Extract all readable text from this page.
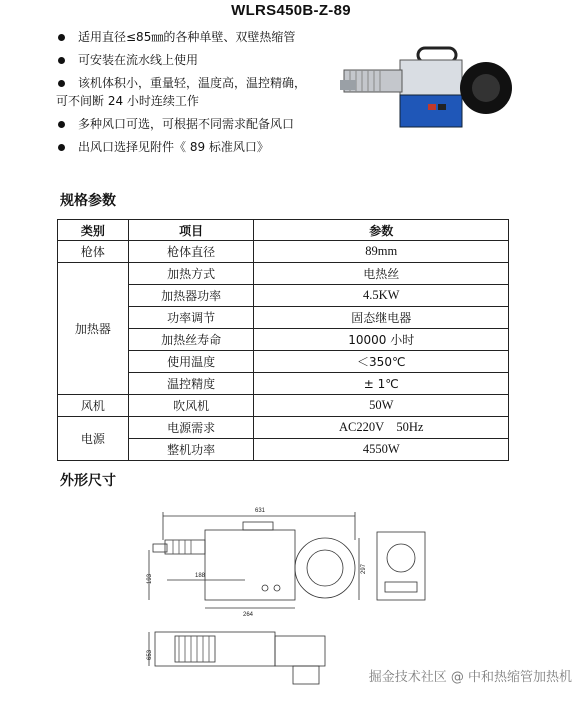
WLRS450B-Z-89
适用直径≤85㎜的各种单壁、双壁热缩管
可安装在流水线上使用
该机体积小，重量轻，温度高，温控精确，
可不间断 24 小时连续工作
多种风口可选，可根据不同需求配备风口
出风口选择见附件《 89 标准风口》
规格参数
类别	项目	参数
枪体	枪体直径	89mm
加热器	加热方式	电热丝
	加热器功率	4.5KW
	功率调节	固态继电器
	加热丝寿命	10000 小时
	使用温度	＜350℃
	温控精度	± 1℃
风机	吹风机	50W
电源	电源需求	AC220V    50Hz
	整机功率	4550W
外形尺寸
631
193	188
264
297
653
掘金技术社区 @ 中和热缩管加热机
